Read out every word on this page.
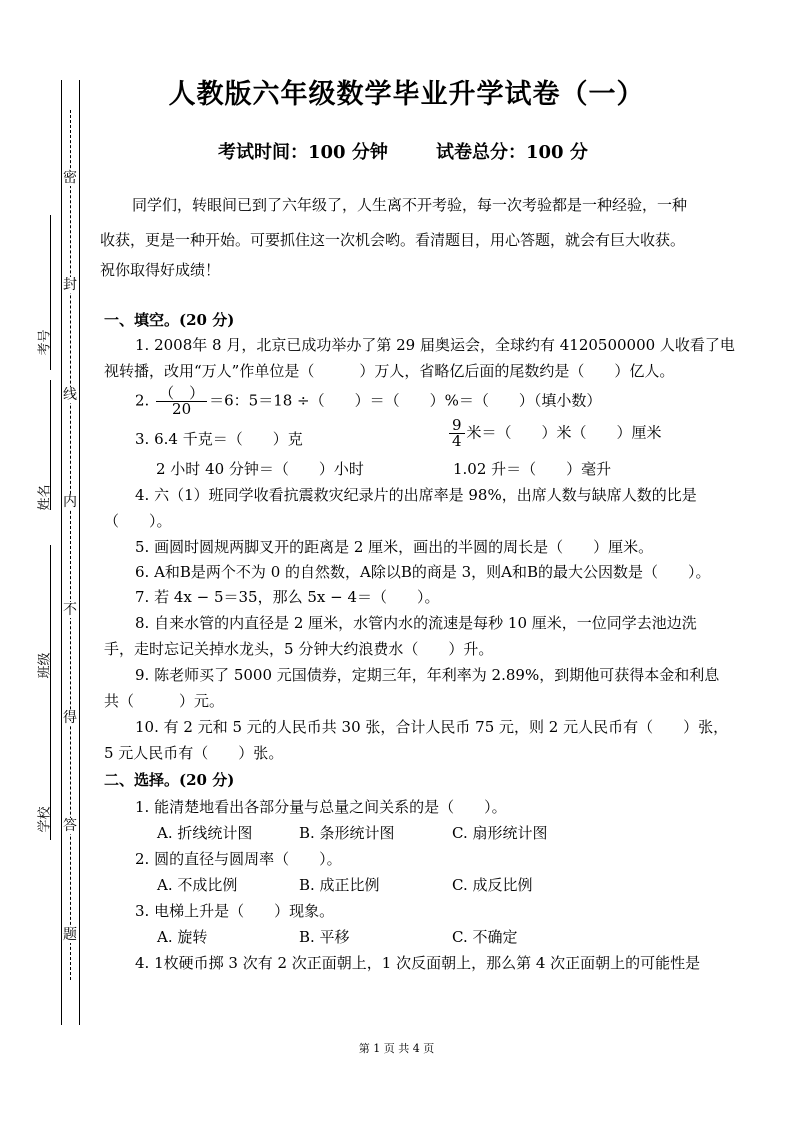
密
封
线
内
不
得
答
题
考号
姓名
班级
学校
人教版六年级数学毕业升学试卷（一）
考试时间：100 分钟	试卷总分：100 分
同学们，转眼间已到了六年级了，人生离不开考验，每一次考验都是一种经验，一种
收获，更是一种开始。可要抓住这一次机会哟。看清题目，用心答题，就会有巨大收获。
祝你取得好成绩！
一、填空。(20 分)
1. 2008年 8 月，北京已成功举办了第 29 届奥运会，全球约有 4120500000 人收看了电
视转播，改用“万人”作单位是（　　　）万人，省略亿后面的尾数约是（　　）亿人。
2. $\frac{( )}{20} =6$：5＝18 ÷（　　）＝（　　）%＝（　　）（填小数）
3. 6.4 千克＝（　　）克	$\frac{9}{4}$ 米＝（　　）米（　　）厘米
2 小时 40 分钟＝（　　）小时	1.02 升＝（　　）毫升
4. 六（1）班同学收看抗震救灾纪录片的出席率是 98%，出席人数与缺席人数的比是
（　　）。
5. 画圆时圆规两脚叉开的距离是 2 厘米，画出的半圆的周长是（　　）厘米。
6. A和B是两个不为 0 的自然数，A除以B的商是 3，则A和B的最大公因数是（　　）。
7. 若 4x − 5＝35，那么 5x − 4＝（　　）。
8. 自来水管的内直径是 2 厘米，水管内水的流速是每秒 10 厘米，一位同学去池边洗
手，走时忘记关掉水龙头，5 分钟大约浪费水（　　）升。
9. 陈老师买了 5000 元国债券，定期三年，年利率为 2.89%，到期他可获得本金和利息
共（　　　）元。
10. 有 2 元和 5 元的人民币共 30 张，合计人民币 75 元，则 2 元人民币有（　　）张，
5 元人民币有（　　）张。
二、选择。(20 分)
1. 能清楚地看出各部分量与总量之间关系的是（　　）。
A. 折线统计图	B. 条形统计图	C. 扇形统计图
2. 圆的直径与圆周率（　　）。
A. 不成比例	B. 成正比例	C. 成反比例
3. 电梯上升是（　　）现象。
A. 旋转	B. 平移	C. 不确定
4. 1枚硬币掷 3 次有 2 次正面朝上，1 次反面朝上，那么第 4 次正面朝上的可能性是
第 1 页 共 4 页
